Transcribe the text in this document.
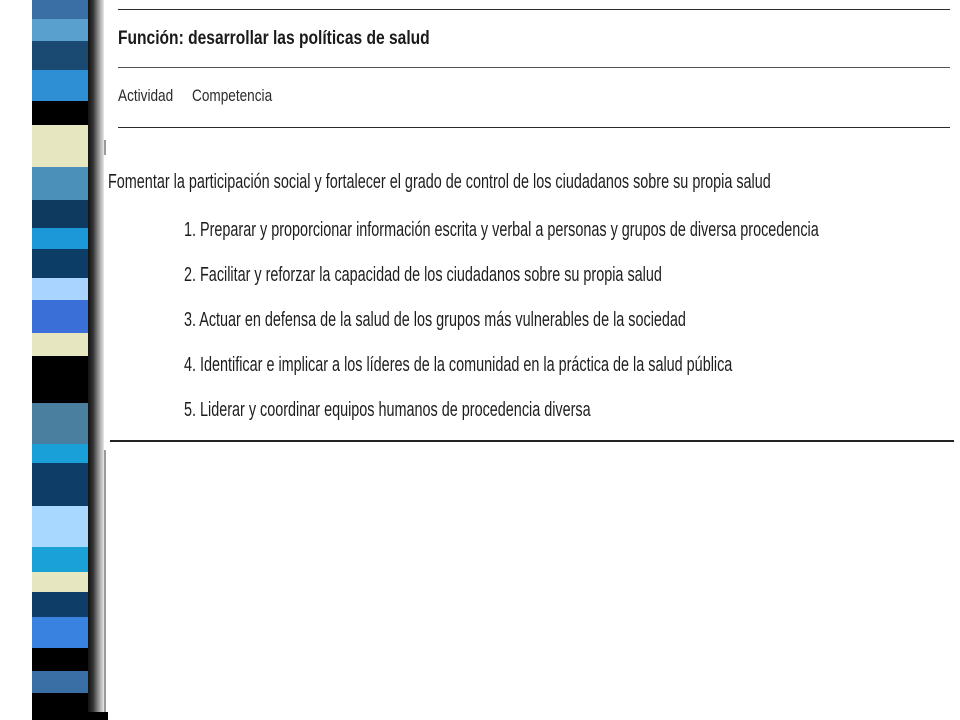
Función: desarrollar las políticas de salud

Actividad Competencia

Fomentar la participación social y fortalecer el grado de control de los ciudadanos sobre su propia salud

1. Preparar y proporcionar información escrita y verbal a personas y grupos de diversa procedencia
2. Facilitar y reforzar la capacidad de los ciudadanos sobre su propia salud
3. Actuar en defensa de la salud de los grupos más vulnerables de la sociedad
4. Identificar e implicar a los líderes de la comunidad en la práctica de la salud pública
5. Liderar y coordinar equipos humanos de procedencia diversa
